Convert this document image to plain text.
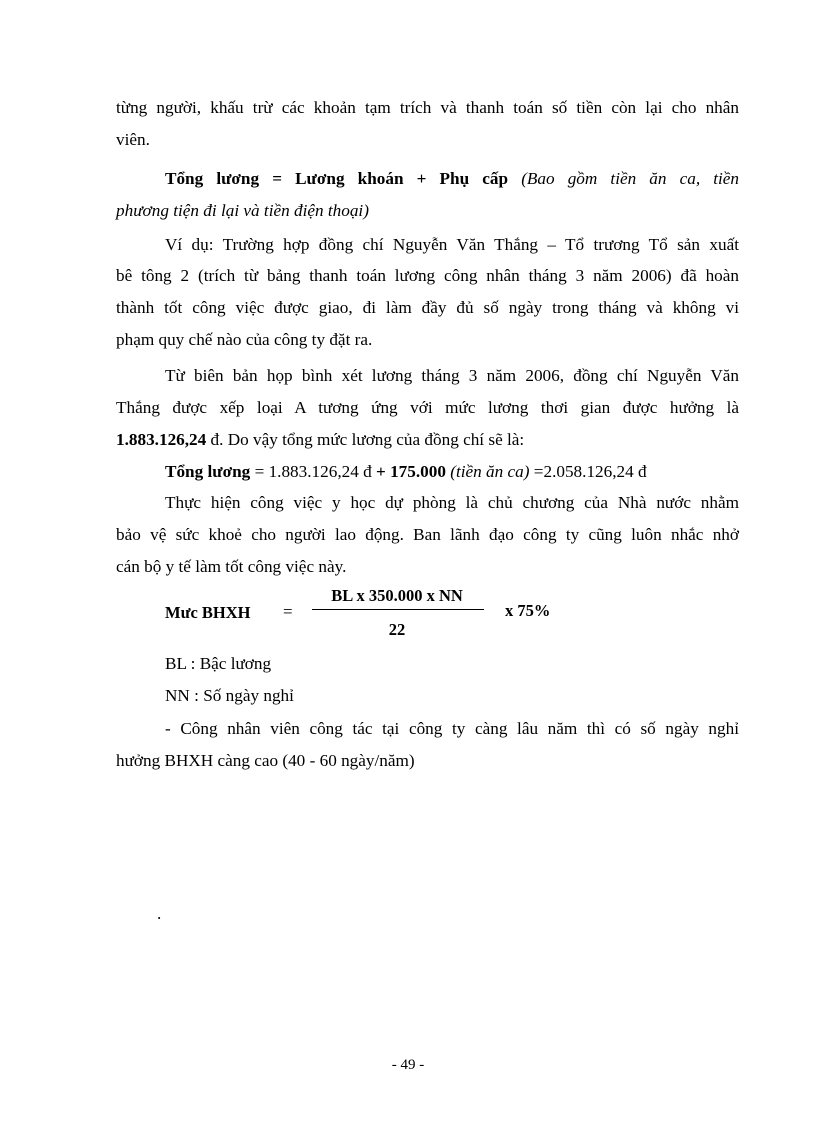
từng người, khấu trừ các khoản tạm trích và thanh toán số tiền còn lại cho nhân

viên.

Tổng lương = Lương khoán + Phụ cấp (Bao gồm tiền ăn ca, tiền

phương tiện đi lại và tiền điện thoại)

Ví dụ: Trường hợp đồng chí Nguyễn Văn Thắng – Tổ trương Tổ sản xuất

bê tông 2 (trích từ bảng thanh toán lương công nhân tháng 3 năm 2006) đã hoàn

thành tốt công việc được giao, đi làm đầy đủ số ngày trong tháng và không vi

phạm quy chế nào của công ty đặt ra.

Từ biên bản họp bình xét lương tháng 3 năm 2006, đồng chí Nguyễn Văn

Thắng được xếp loại A tương ứng với mức lương thơi gian được hưởng là

1.883.126,24 đ. Do vậy tổng mức lương của đồng chí sẽ là:

Tổng lương = 1.883.126,24 đ + 175.000 (tiền ăn ca) =2.058.126,24 đ

Thực hiện công việc y học dự phòng là chủ chương của Nhà nước nhằm

bảo vệ sức khoẻ cho người lao động. Ban lãnh đạo công ty cũng luôn nhắc nhở

cán bộ y tế làm tốt công việc này.

Mưc BHXH =
BL x 350.000 x NN
22
x 75%

BL : Bậc lương

NN : Số ngày nghỉ

- Công nhân viên công tác tại công ty càng lâu năm thì có số ngày nghỉ

hưởng BHXH càng cao (40 - 60 ngày/năm)

.
- 49 -
